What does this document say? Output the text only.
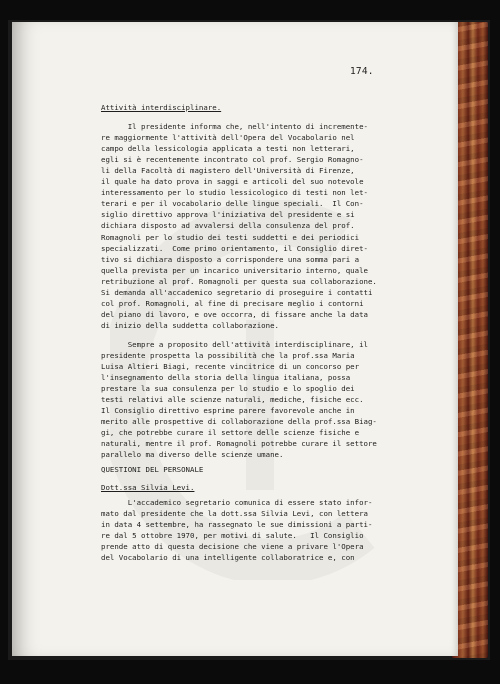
174.
Attività interdisciplinare.
Il presidente informa che, nell'intento di incremente-
re maggiormente l'attività dell'Opera del Vocabolario nel
campo della lessicologia applicata a testi non letterari,
egli si è recentemente incontrato col prof. Sergio Romagno-
li della Facoltà di magistero dell'Università di Firenze,
il quale ha dato prova in saggi e articoli del suo notevole
interessamento per lo studio lessicologico di testi non let-
terari e per il vocabolario delle lingue speciali.  Il Con-
siglio direttivo approva l'iniziativa del presidente e si
dichiara disposto ad avvalersi della consulenza del prof.
Romagnoli per lo studio dei testi suddetti e dei periodici
specializzati.  Come primo orientamento, il Consiglio diret-
tivo si dichiara disposto a corrispondere una somma pari a
quella prevista per un incarico universitario interno, quale
retribuzione al prof. Romagnoli per questa sua collaborazione.
Si demanda all'accademico segretario di proseguire i contatti
col prof. Romagnoli, al fine di precisare meglio i contorni
del piano di lavoro, e ove occorra, di fissare anche la data
di inizio della suddetta collaborazione.
Sempre a proposito dell'attività interdisciplinare, il
presidente prospetta la possibilità che la prof.ssa Maria
Luisa Altieri Biagi, recente vincitrice di un concorso per
l'insegnamento della storia della lingua italiana, possa
prestare la sua consulenza per lo studio e lo spoglio dei
testi relativi alle scienze naturali, mediche, fisiche ecc.
Il Consiglio direttivo esprime parere favorevole anche in
merito alle prospettive di collaborazione della prof.ssa Biag-
gi, che potrebbe curare il settore delle scienze fisiche e
naturali, mentre il prof. Romagnoli potrebbe curare il settore
parallelo ma diverso delle scienze umane.
QUESTIONI DEL PERSONALE
Dott.ssa Silvia Levi.
L'accademico segretario comunica di essere stato infor-
mato dal presidente che la dott.ssa Silvia Levi, con lettera
in data 4 settembre, ha rassegnato le sue dimissioni a parti-
re dal 5 ottobre 1970, per motivi di salute.   Il Consiglio
prende atto di questa decisione che viene a privare l'Opera
del Vocabolario di una intelligente collaboratrice e, con
